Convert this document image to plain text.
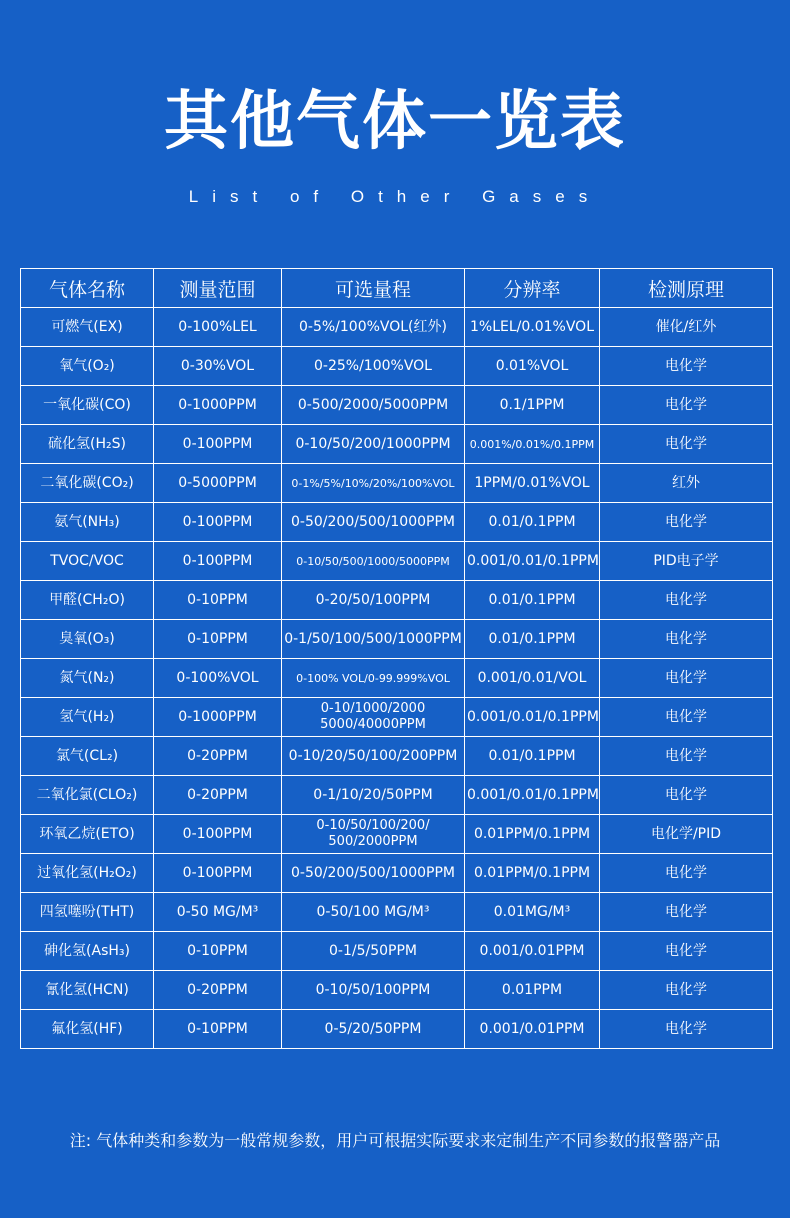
其他气体一览表
List of Other Gases
气体名称	测量范围	可选量程	分辨率	检测原理
可燃气(EX)	0-100%LEL	0-5%/100%VOL(红外)	1%LEL/0.01%VOL	催化/红外
氧气(O₂)	0-30%VOL	0-25%/100%VOL	0.01%VOL	电化学
一氧化碳(CO)	0-1000PPM	0-500/2000/5000PPM	0.1/1PPM	电化学
硫化氢(H₂S)	0-100PPM	0-10/50/200/1000PPM	0.001%/0.01%/0.1PPM	电化学
二氧化碳(CO₂)	0-5000PPM	0-1%/5%/10%/20%/100%VOL	1PPM/0.01%VOL	红外
氨气(NH₃)	0-100PPM	0-50/200/500/1000PPM	0.01/0.1PPM	电化学
TVOC/VOC	0-100PPM	0-10/50/500/1000/5000PPM	0.001/0.01/0.1PPM	PID电子学
甲醛(CH₂O)	0-10PPM	0-20/50/100PPM	0.01/0.1PPM	电化学
臭氧(O₃)	0-10PPM	0-1/50/100/500/1000PPM	0.01/0.1PPM	电化学
氮气(N₂)	0-100%VOL	0-100% VOL/0-99.999%VOL	0.001/0.01/VOL	电化学
氢气(H₂)	0-1000PPM	0-10/1000/2000 5000/40000PPM	0.001/0.01/0.1PPM	电化学
氯气(CL₂)	0-20PPM	0-10/20/50/100/200PPM	0.01/0.1PPM	电化学
二氧化氯(CLO₂)	0-20PPM	0-1/10/20/50PPM	0.001/0.01/0.1PPM	电化学
环氧乙烷(ETO)	0-100PPM	0-10/50/100/200/ 500/2000PPM	0.01PPM/0.1PPM	电化学/PID
过氧化氢(H₂O₂)	0-100PPM	0-50/200/500/1000PPM	0.01PPM/0.1PPM	电化学
四氢噻吩(THT)	0-50 MG/M³	0-50/100 MG/M³	0.01MG/M³	电化学
砷化氢(AsH₃)	0-10PPM	0-1/5/50PPM	0.001/0.01PPM	电化学
氰化氢(HCN)	0-20PPM	0-10/50/100PPM	0.01PPM	电化学
氟化氢(HF)	0-10PPM	0-5/20/50PPM	0.001/0.01PPM	电化学
注: 气体种类和参数为一般常规参数，用户可根据实际要求来定制生产不同参数的报警器产品
